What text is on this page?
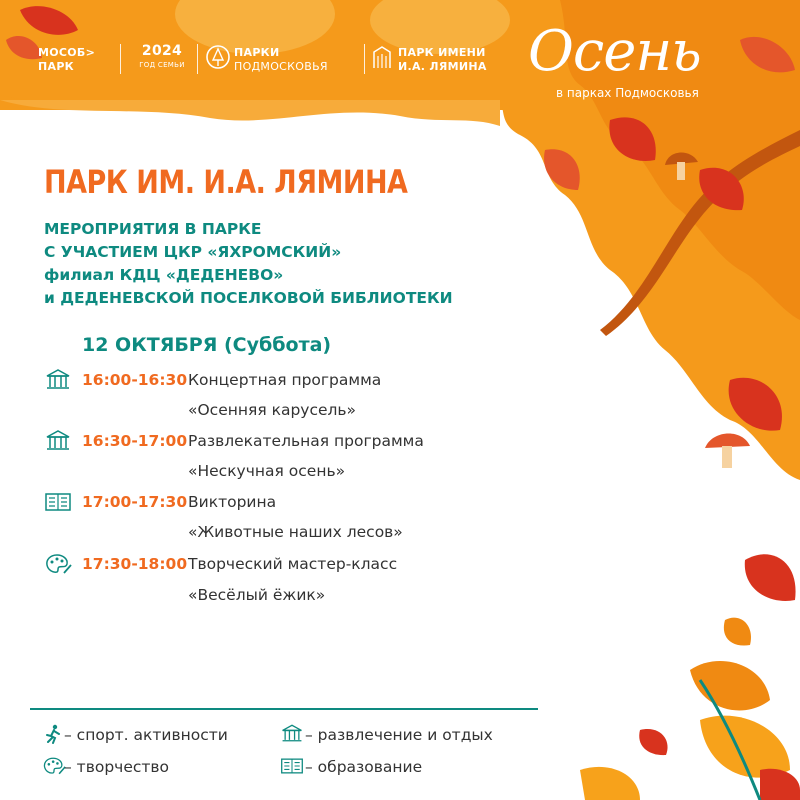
МОСОБ>
ПАРК
2024
ГОД СЕМЬИ
ПАРКИ
ПОДМОСКОВЬЯ
ПАРК ИМЕНИ
И.А. ЛЯМИНА Осень
в парках Подмосковья
ПАРК ИМ. И.А. ЛЯМИНА
МЕРОПРИЯТИЯ В ПАРКЕ
С УЧАСТИЕМ ЦКР «ЯХРОМСКИЙ»
филиал КДЦ «ДЕДЕНЕВО»
и ДЕДЕНЕВСКОЙ ПОСЕЛКОВОЙ БИБЛИОТЕКИ
12 ОКТЯБРЯ (Суббота)
16:00-16:30 Концертная программа
«Осенняя карусель»
16:30-17:00 Развлекательная программа
«Нескучная осень»
17:00-17:30 Викторина
«Животные наших лесов»
17:30-18:00 Творческий мастер-класс
«Весёлый ёжик»
– спорт. активности	– развлечение и отдых
– творчество	– образование
